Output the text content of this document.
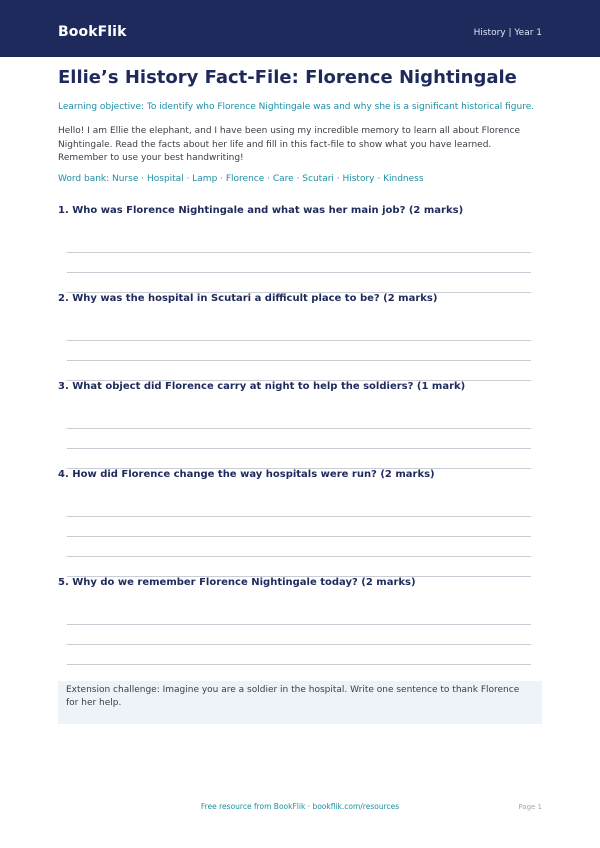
BookFlik	History | Year 1
Ellie’s History Fact-File: Florence Nightingale
Learning objective: To identify who Florence Nightingale was and why she is a significant historical figure.
Hello! I am Ellie the elephant, and I have been using my incredible memory to learn all about Florence Nightingale. Read the facts about her life and fill in this fact-file to show what you have learned. Remember to use your best handwriting!
Word bank: Nurse · Hospital · Lamp · Florence · Care · Scutari · History · Kindness
1. Who was Florence Nightingale and what was her main job? (2 marks)
2. Why was the hospital in Scutari a difficult place to be? (2 marks)
3. What object did Florence carry at night to help the soldiers? (1 mark)
4. How did Florence change the way hospitals were run? (2 marks)
5. Why do we remember Florence Nightingale today? (2 marks)
Extension challenge: Imagine you are a soldier in the hospital. Write one sentence to thank Florence for her help.
Free resource from BookFlik · bookflik.com/resources	Page 1
